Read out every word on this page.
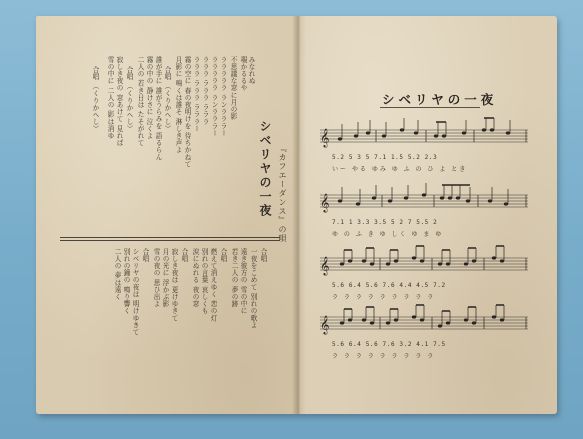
シベリヤの一夜 『カフエーダンス』の唄
みなれぬ
覗かるるや
不思議な窓に月の影
ラララララ ランラララー
ラララララ ランラララー
ラララ ラララ ラララ
ラララ ラララ ラララー
霧の空に 春の夜明けを 待ちかねて
月影に 鳴くは誰そ 淋しき声よ
合唱 （くりかへし）
誰が手に 誰がうらみを 語るらん
霧の中の 静けさに 泣くよ
二人の 若き日は たそがれて
合唱 （くりかへし）
寂しき夜の 窓あけて 見れば
雪の中に 二人の 影は消ゆ
合唱 （くりかへし）
合唱
一夜をこめて 別れの歌よ
遠き彼方の 雪の中に
若き二人の 夢の跡
合唱
燃えて消えゆく 恋の灯
別れの言葉 哀しくも
涙にぬれる 夜の窓
合唱
寂しき夜は 更けゆきて
月の光に 浮かぶ影
雪の夜の 思ひ出よ
合唱
シベリヤの夜は 明けゆきて
別れの鐘の 鳴り響く
二人の 夢は遠く
シベリヤの一夜
𝄞
5.2 5 3 5 7.1 1.5 5.2 2.3
いー やる ゆみ ゆ ふ の ひ よ とき
𝄞
7.1 1 3.3 3.5 5 2 7 5.5 2
ゆ の ふ き ゆ しく ゆ ま ゆ
𝄞
5.6 6.4 5.6 7.6 4.4 4.5 7.2
ラ ラ ラ ラ ラ ラ ラ ラ ラ
𝄞
5.6 6.4 5.6 7.6 3.2 4.1 7.5
ラ ラ ラ ラ ラ ラ ラ ラ ラ
